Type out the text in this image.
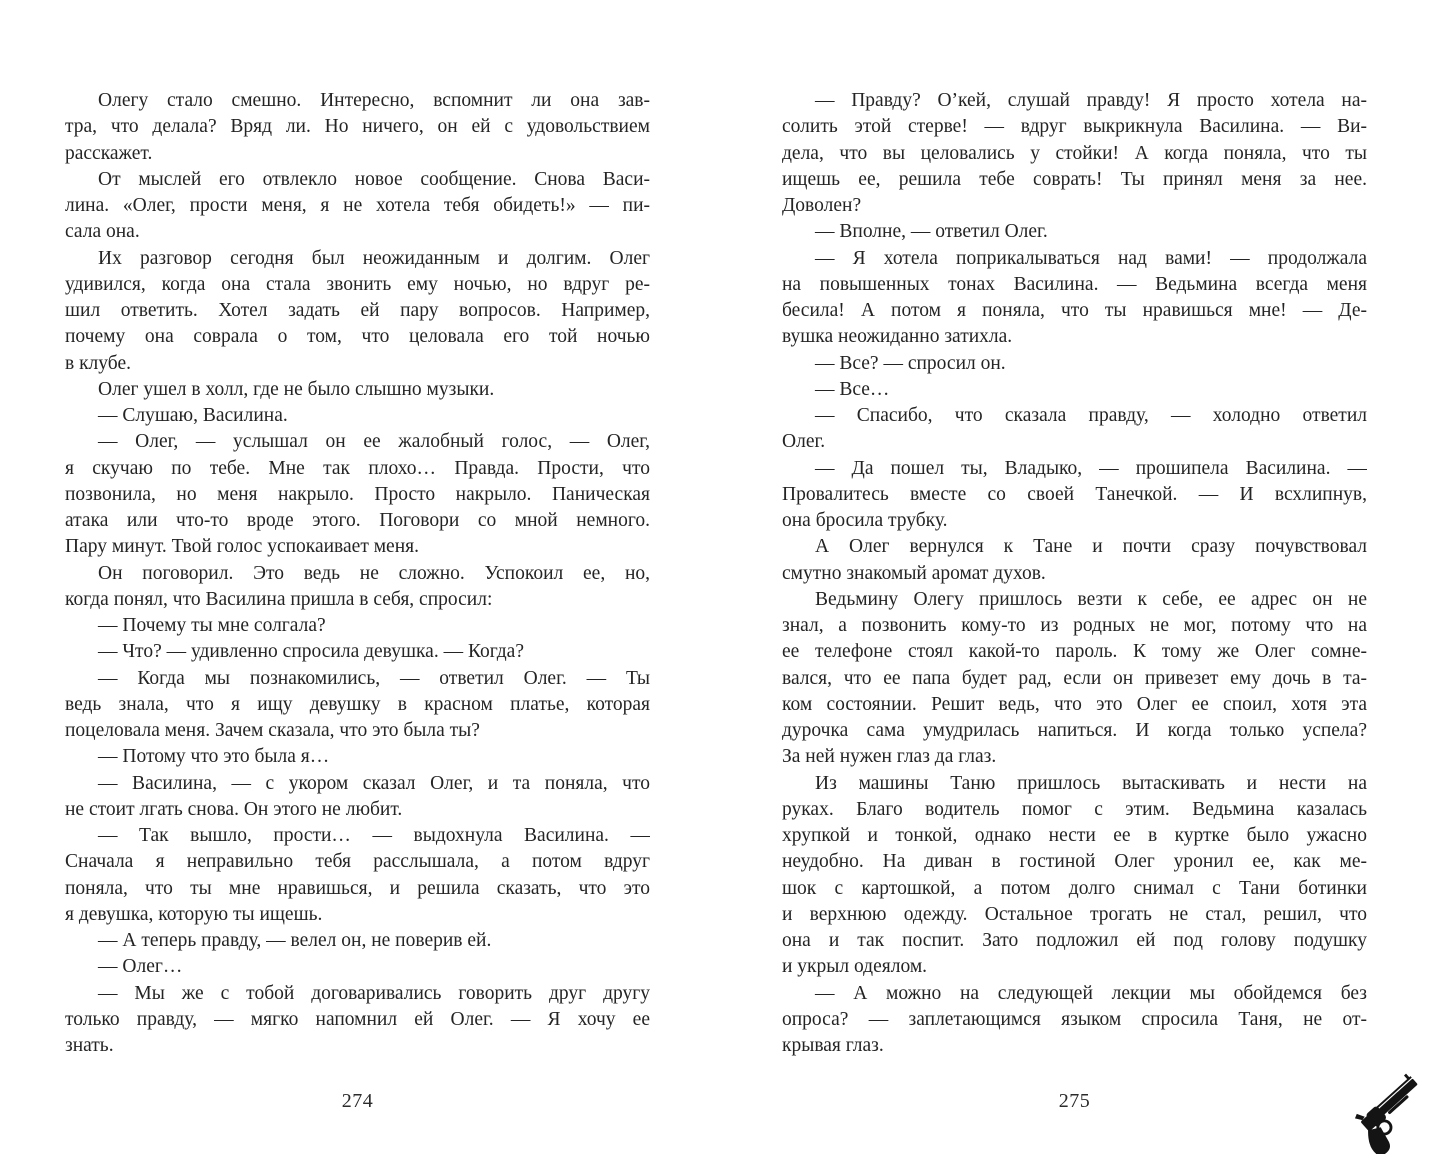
Олегу стало смешно. Интересно, вспомнит ли она зав-
тра, что делала? Вряд ли. Но ничего, он ей с удовольствием
расскажет.
От мыслей его отвлекло новое сообщение. Снова Васи-
лина. «Олег, прости меня, я не хотела тебя обидеть!» — пи-
сала она.
Их разговор сегодня был неожиданным и долгим. Олег
удивился, когда она стала звонить ему ночью, но вдруг ре-
шил ответить. Хотел задать ей пару вопросов. Например,
почему она соврала о том, что целовала его той ночью
в клубе.
Олег ушел в холл, где не было слышно музыки.
— Слушаю, Василина.
— Олег, — услышал он ее жалобный голос, — Олег,
я скучаю по тебе. Мне так плохо… Правда. Прости, что
позвонила, но меня накрыло. Просто накрыло. Паническая
атака или что-то вроде этого. Поговори со мной немного.
Пару минут. Твой голос успокаивает меня.
Он поговорил. Это ведь не сложно. Успокоил ее, но,
когда понял, что Василина пришла в себя, спросил:
— Почему ты мне солгала?
— Что? — удивленно спросила девушка. — Когда?
— Когда мы познакомились, — ответил Олег. — Ты
ведь знала, что я ищу девушку в красном платье, которая
поцеловала меня. Зачем сказала, что это была ты?
— Потому что это была я…
— Василина, — с укором сказал Олег, и та поняла, что
не стоит лгать снова. Он этого не любит.
— Так вышло, прости… — выдохнула Василина. —
Сначала я неправильно тебя расслышала, а потом вдруг
поняла, что ты мне нравишься, и решила сказать, что это
я девушка, которую ты ищешь.
— А теперь правду, — велел он, не поверив ей.
— Олег…
— Мы же с тобой договаривались говорить друг другу
только правду, — мягко напомнил ей Олег. — Я хочу ее
знать.
— Правду? О’кей, слушай правду! Я просто хотела на-
солить этой стерве! — вдруг выкрикнула Василина. — Ви-
дела, что вы целовались у стойки! А когда поняла, что ты
ищешь ее, решила тебе соврать! Ты принял меня за нее.
Доволен?
— Вполне, — ответил Олег.
— Я хотела поприкалываться над вами! — продолжала
на повышенных тонах Василина. — Ведьмина всегда меня
бесила! А потом я поняла, что ты нравишься мне! — Де-
вушка неожиданно затихла.
— Все? — спросил он.
— Все…
— Спасибо, что сказала правду, — холодно ответил
Олег.
— Да пошел ты, Владыко, — прошипела Василина. —
Провалитесь вместе со своей Танечкой. — И всхлипнув,
она бросила трубку.
А Олег вернулся к Тане и почти сразу почувствовал
смутно знакомый аромат духов.
Ведьмину Олегу пришлось везти к себе, ее адрес он не
знал, а позвонить кому-то из родных не мог, потому что на
ее телефоне стоял какой-то пароль. К тому же Олег сомне-
вался, что ее папа будет рад, если он привезет ему дочь в та-
ком состоянии. Решит ведь, что это Олег ее споил, хотя эта
дурочка сама умудрилась напиться. И когда только успела?
За ней нужен глаз да глаз.
Из машины Таню пришлось вытаскивать и нести на
руках. Благо водитель помог с этим. Ведьмина казалась
хрупкой и тонкой, однако нести ее в куртке было ужасно
неудобно. На диван в гостиной Олег уронил ее, как ме-
шок с картошкой, а потом долго снимал с Тани ботинки
и верхнюю одежду. Остальное трогать не стал, решил, что
она и так поспит. Зато подложил ей под голову подушку
и укрыл одеялом.
— А можно на следующей лекции мы обойдемся без
опроса? — заплетающимся языком спросила Таня, не от-
крывая глаз.
274	275
